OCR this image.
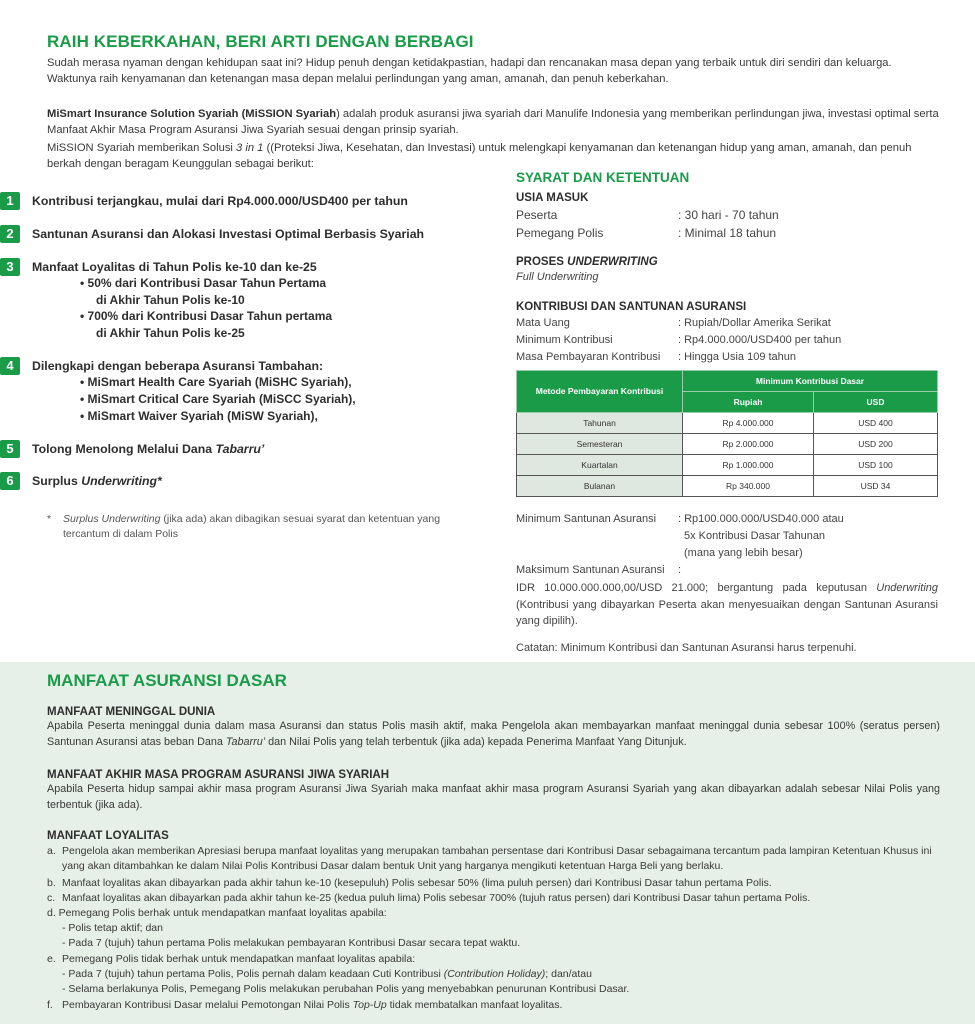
RAIH KEBERKAHAN, BERI ARTI DENGAN BERBAGI

Sudah merasa nyaman dengan kehidupan saat ini? Hidup penuh dengan ketidakpastian, hadapi dan rencanakan masa depan yang terbaik untuk diri sendiri dan keluarga. Waktunya raih kenyamanan dan ketenangan masa depan melalui perlindungan yang aman, amanah, dan penuh keberkahan.

MiSmart Insurance Solution Syariah (MiSSION Syariah) adalah produk asuransi jiwa syariah dari Manulife Indonesia yang memberikan perlindungan jiwa, investasi optimal serta Manfaat Akhir Masa Program Asuransi Jiwa Syariah sesuai dengan prinsip syariah.

MiSSION Syariah memberikan Solusi 3 in 1 ((Proteksi Jiwa, Kesehatan, dan Investasi) untuk melengkapi kenyamanan dan ketenangan hidup yang aman, amanah, dan penuh berkah dengan beragam Keunggulan sebagai berikut:

1	Kontribusi terjangkau, mulai dari Rp4.000.000/USD400 per tahun
2	Santunan Asuransi dan Alokasi Investasi Optimal Berbasis Syariah
3	Manfaat Loyalitas di Tahun Polis ke-10 dan ke-25
• 50% dari Kontribusi Dasar Tahun Pertama
di Akhir Tahun Polis ke-10
• 700% dari Kontribusi Dasar Tahun pertama
di Akhir Tahun Polis ke-25
4	Dilengkapi dengan beberapa Asuransi Tambahan:
• MiSmart Health Care Syariah (MiSHC Syariah),
• MiSmart Critical Care Syariah (MiSCC Syariah),
• MiSmart Waiver Syariah (MiSW Syariah),
5	Tolong Menolong Melalui Dana Tabarru’
6	Surplus Underwriting*
*	Surplus Underwriting (jika ada) akan dibagikan sesuai syarat dan ketentuan yang tercantum di dalam Polis
SYARAT DAN KETENTUAN
USIA MASUK
Peserta	: 30 hari - 70 tahun
Pemegang Polis	: Minimal 18 tahun
PROSES UNDERWRITING
Full Underwriting
KONTRIBUSI DAN SANTUNAN ASURANSI
Mata Uang	: Rupiah/Dollar Amerika Serikat
Minimum Kontribusi	: Rp4.000.000/USD400 per tahun
Masa Pembayaran Kontribusi : Hingga Usia 109 tahun
Metode Pembayaran Kontribusi	Minimum Kontribusi Dasar	
	Rupiah	USD
Tahunan	Rp 4.000.000	USD 400
Semesteran	Rp 2.000.000	USD 200
Kuartalan	Rp 1.000.000	USD 100
Bulanan	Rp 340.000	USD 34
Minimum Santunan Asuransi : Rp100.000.000/USD40.000 atau
5x Kontribusi Dasar Tahunan
(mana yang lebih besar)
Maksimum Santunan Asuransi :
IDR 10.000.000.000,00/USD 21.000; bergantung pada keputusan Underwriting (Kontribusi yang dibayarkan Peserta akan menyesuaikan dengan Santunan Asuransi yang dipilih).
Catatan: Minimum Kontribusi dan Santunan Asuransi harus terpenuhi.
MANFAAT ASURANSI DASAR
MANFAAT MENINGGAL DUNIA

Apabila Peserta meninggal dunia dalam masa Asuransi dan status Polis masih aktif, maka Pengelola akan membayarkan manfaat meninggal dunia sebesar 100% (seratus persen) Santunan Asuransi atas beban Dana Tabarru’ dan Nilai Polis yang telah terbentuk (jika ada) kepada Penerima Manfaat Yang Ditunjuk.

MANFAAT AKHIR MASA PROGRAM ASURANSI JIWA SYARIAH

Apabila Peserta hidup sampai akhir masa program Asuransi Jiwa Syariah maka manfaat akhir masa program Asuransi Syariah yang akan dibayarkan adalah sebesar Nilai Polis yang terbentuk (jika ada).

MANFAAT LOYALITAS
a. Pengelola akan memberikan Apresiasi berupa manfaat loyalitas yang merupakan tambahan persentase dari Kontribusi Dasar sebagaimana tercantum pada lampiran Ketentuan Khusus ini yang akan ditambahkan ke dalam Nilai Polis Kontribusi Dasar dalam bentuk Unit yang harganya mengikuti ketentuan Harga Beli yang berlaku.
b. Manfaat loyalitas akan dibayarkan pada akhir tahun ke-10 (kesepuluh) Polis sebesar 50% (lima puluh persen) dari Kontribusi Dasar tahun pertama Polis.
c. Manfaat loyalitas akan dibayarkan pada akhir tahun ke-25 (kedua puluh lima) Polis sebesar 700% (tujuh ratus persen) dari Kontribusi Dasar tahun pertama Polis.
d. Pemegang Polis berhak untuk mendapatkan manfaat loyalitas apabila:
- Polis tetap aktif; dan
- Pada 7 (tujuh) tahun pertama Polis melakukan pembayaran Kontribusi Dasar secara tepat waktu.
e. Pemegang Polis tidak berhak untuk mendapatkan manfaat loyalitas apabila:
- Pada 7 (tujuh) tahun pertama Polis, Polis pernah dalam keadaan Cuti Kontribusi (Contribution Holiday); dan/atau
- Selama berlakunya Polis, Pemegang Polis melakukan perubahan Polis yang menyebabkan penurunan Kontribusi Dasar.
f. Pembayaran Kontribusi Dasar melalui Pemotongan Nilai Polis Top-Up tidak membatalkan manfaat loyalitas.
